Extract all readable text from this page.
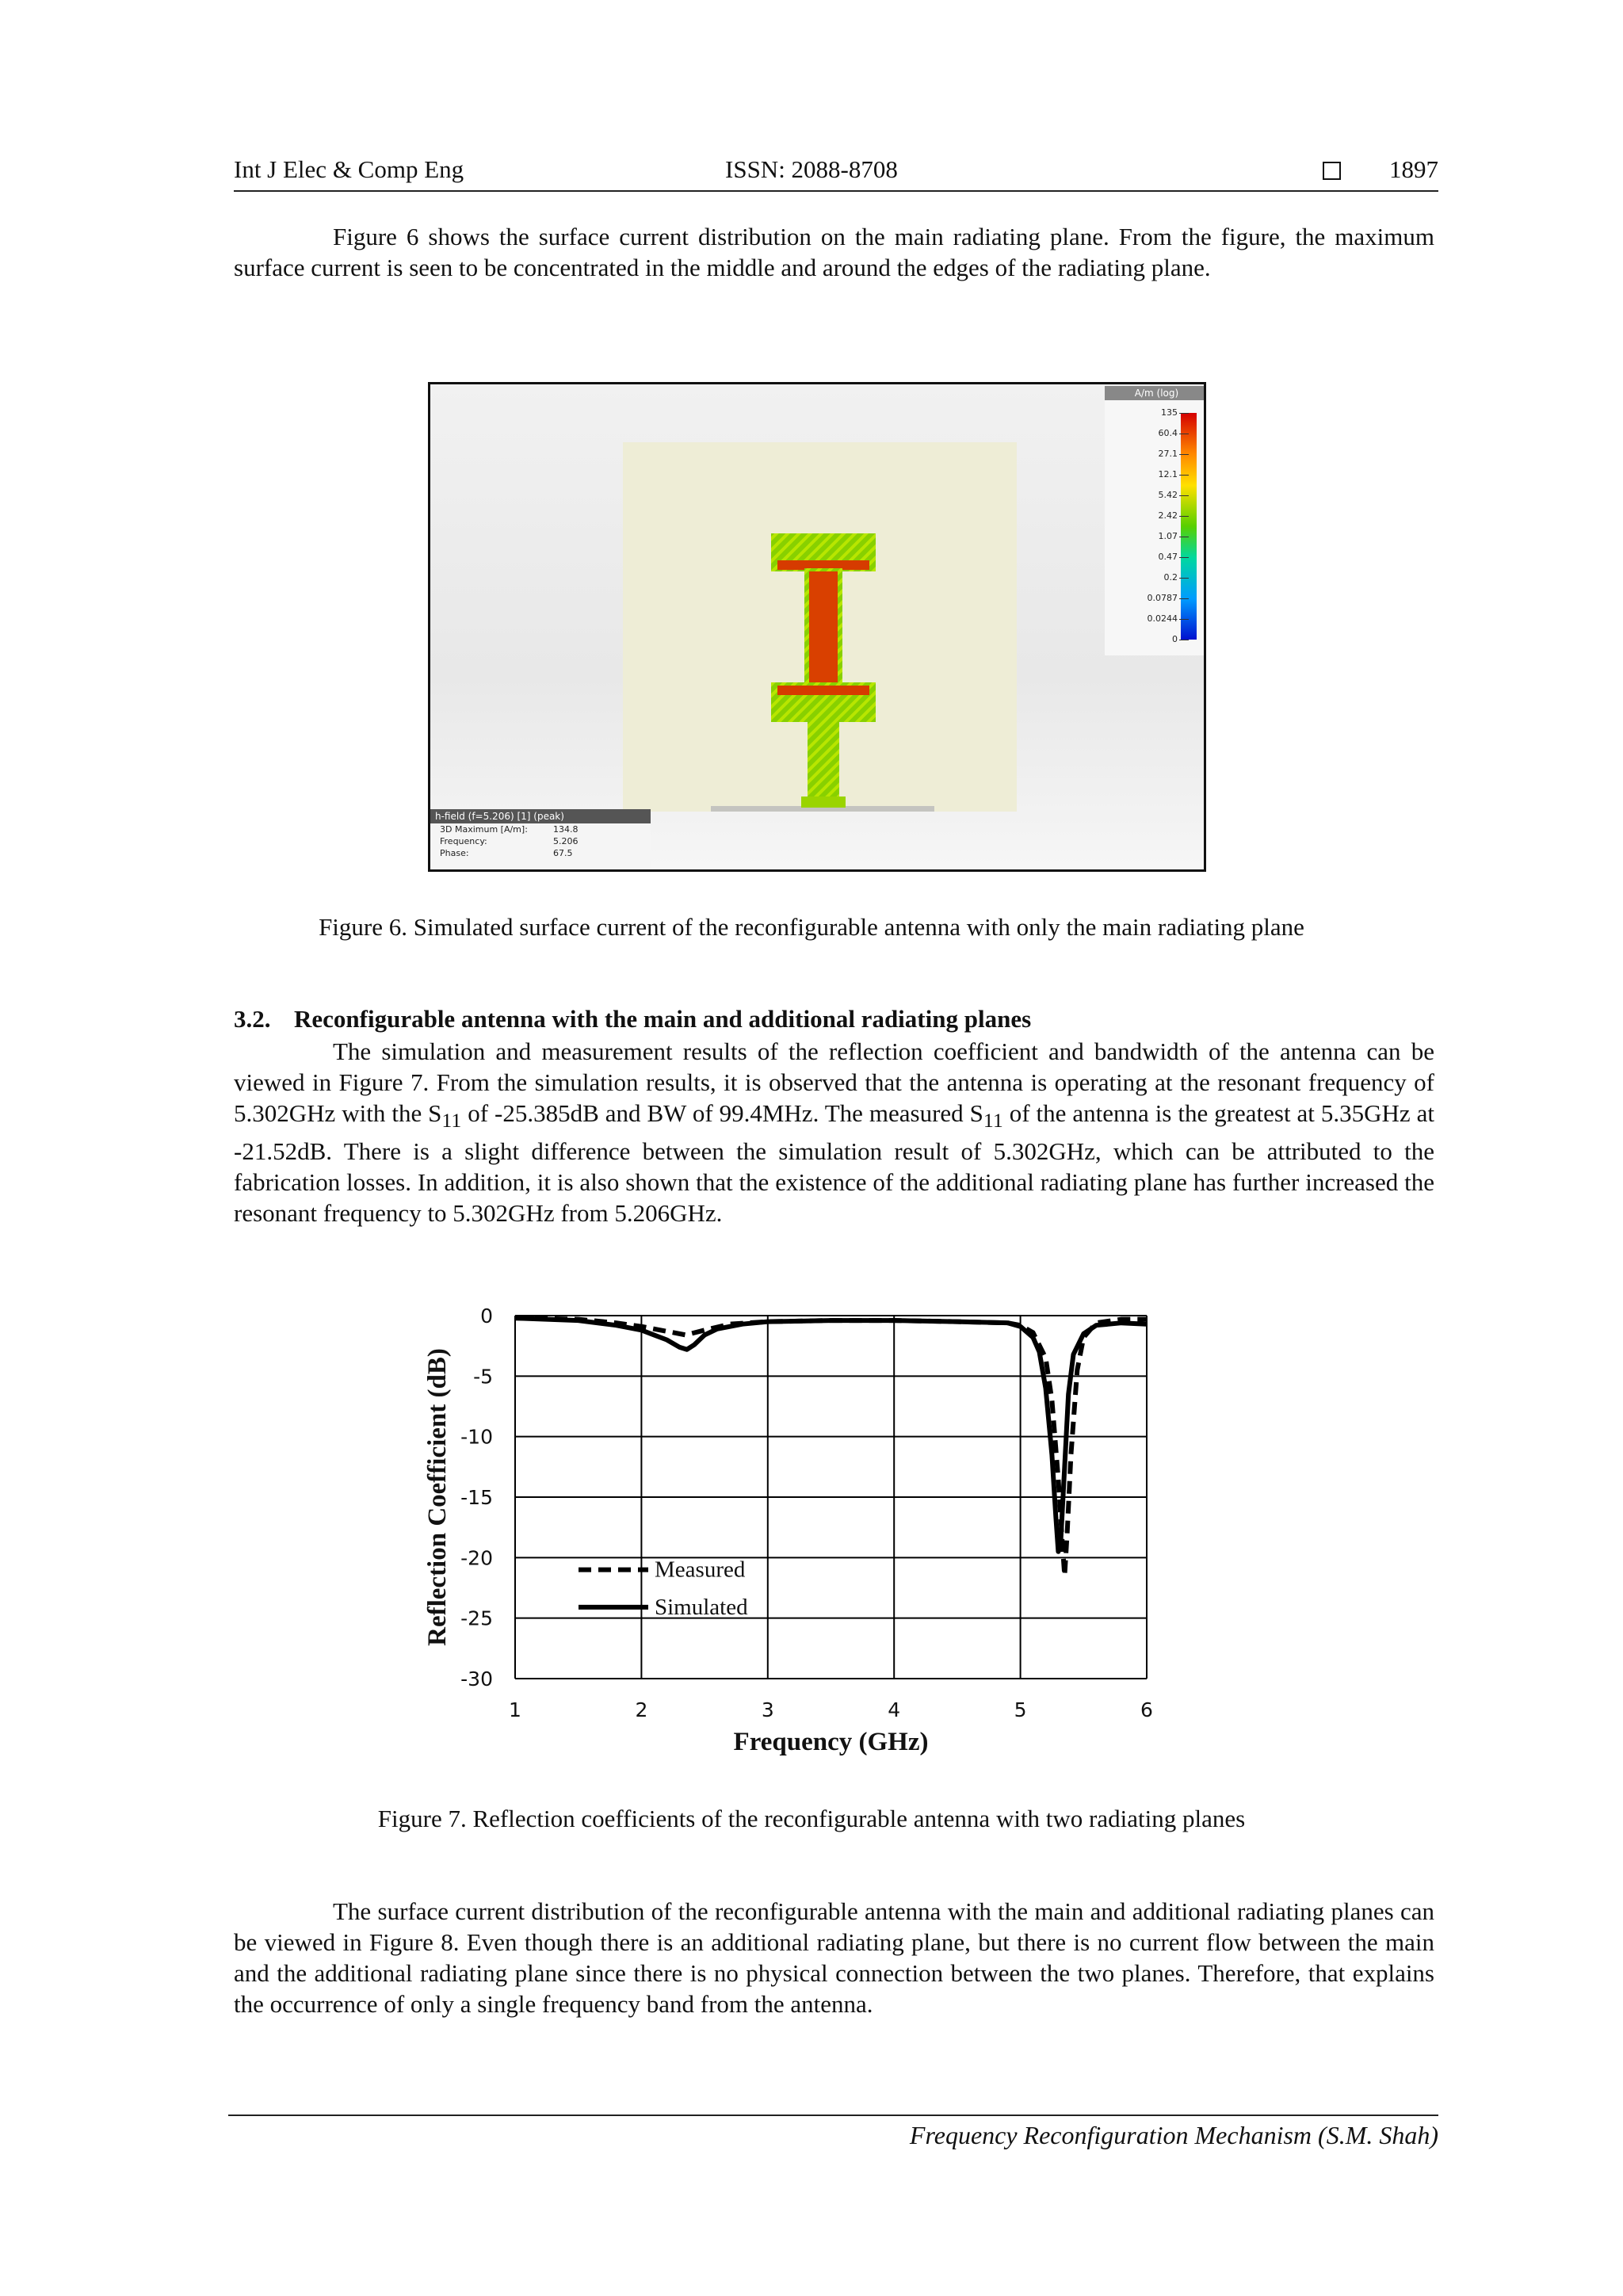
Int J Elec & Comp Eng	ISSN: 2088-8708	1897

Figure 6 shows the surface current distribution on the main radiating plane. From the figure, the maximum surface current is seen to be concentrated in the middle and around the edges of the radiating plane.

A/m (log)
135
60.4
27.1
12.1
5.42
2.42
1.07
0.47
0.2
0.0787
0.0244
0
h-field (f=5.206) [1] (peak)
3D Maximum [A/m]:	134.8
Frequency:	5.206
Phase:	67.5

Figure 6. Simulated surface current of the reconfigurable antenna with only the main radiating plane

3.2. Reconfigurable antenna with the main and additional radiating planes

The simulation and measurement results of the reflection coefficient and bandwidth of the antenna can be viewed in Figure 7. From the simulation results, it is observed that the antenna is operating at the resonant frequency of 5.302GHz with the $S_{11}$ of -25.385dB and BW of 99.4MHz. The measured $S_{11}$ of the antenna is the greatest at 5.35GHz at -21.52dB. There is a slight difference between the simulation result of 5.302GHz, which can be attributed to the fabrication losses. In addition, it is also shown that the existence of the additional radiating plane has further increased the resonant frequency to 5.302GHz from 5.206GHz.

1	2	3	4	5	6
0
-5
-10
-15
-20
-25
-30
Measured
Simulated
Frequency (GHz)
Reflection Coefficient (dB)

Figure 7. Reflection coefficients of the reconfigurable antenna with two radiating planes

The surface current distribution of the reconfigurable antenna with the main and additional radiating planes can be viewed in Figure 8. Even though there is an additional radiating plane, but there is no current flow between the main and the additional radiating plane since there is no physical connection between the two planes. Therefore, that explains the occurrence of only a single frequency band from the antenna.

Frequency Reconfiguration Mechanism (S.M. Shah)
